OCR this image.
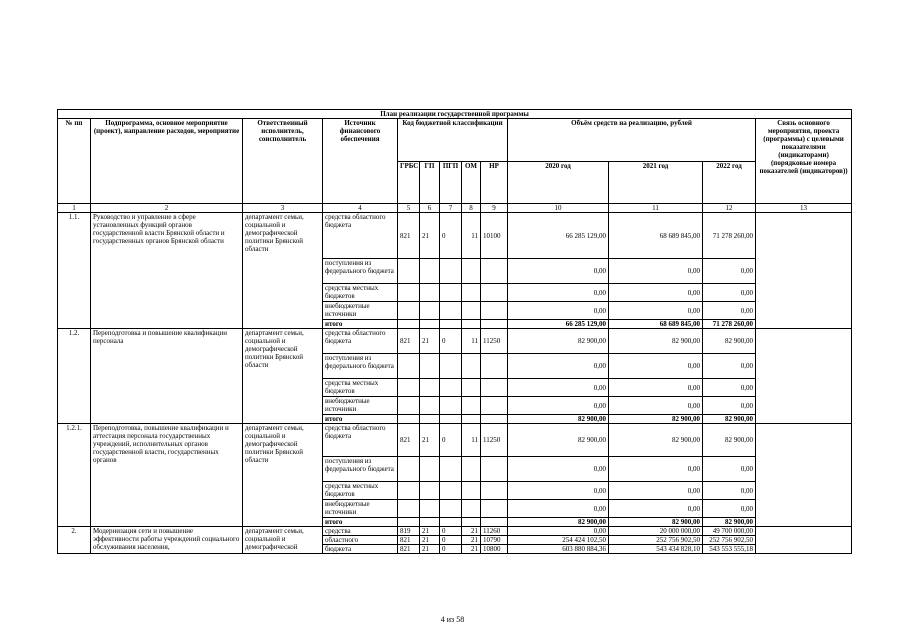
План реализации государственной программы												
№ пп	Подпрограмма, основное мероприятие (проект), направление расходов, мероприятие	Ответственный исполнитель, соисполнитель	Источник финансового обеспечения	Код бюджетной классификации					Объём средств на реализацию, рублей			Связь основного мероприятия, проекта (программы) с целевыми показателями (индикаторами) (порядковые номера показателей (индикаторов))
				ГРБС	ГП	ПГП	ОМ	НР	2020 год	2021 год	2022 год	
1	2	3	4	5	6	7	8	9	10	11	12	13
1.1.	Руководство и управление в сфере установленных функций органов государственной власти Брянской области и государственных органов Брянской области	департамент семьи, социальной и демографической политики Брянской области	средства областного бюджета	821	21	0	11	10100	66 285 129,00	68 689 845,00	71 278 260,00	
			поступления из федерального бюджета						0,00	0,00	0,00	
			средства местных бюджетов						0,00	0,00	0,00	
			внебюджетные источники						0,00	0,00	0,00	
			итого						66 285 129,00	68 689 845,00	71 278 260,00	
1.2.	Переподготовка и повышение квалификации персонала	департамент семьи, социальной и демографической политики Брянской области	средства областного бюджета	821	21	0	11	11250	82 900,00	82 900,00	82 900,00	
			поступления из федерального бюджета						0,00	0,00	0,00	
			средства местных бюджетов						0,00	0,00	0,00	
			внебюджетные источники						0,00	0,00	0,00	
			итого						82 900,00	82 900,00	82 900,00	
1.2.1.	Переподготовка, повышение квалификации и аттестация персонала государственных учреждений, исполнительных органов государственной власти, государственных органов	департамент семьи, социальной и демографической политики Брянской области	средства областного бюджета	821	21	0	11	11250	82 900,00	82 900,00	82 900,00	
			поступления из федерального бюджета						0,00	0,00	0,00	
			средства местных бюджетов						0,00	0,00	0,00	
			внебюджетные источники						0,00	0,00	0,00	
			итого						82 900,00	82 900,00	82 900,00	
2.	Модернизация сети и повышение эффективности работы учреждений социального обслуживания населения,	департамент семьи, социальной и демографической	средства	819	21	0	21	11260	0,00	20 000 000,00	49 700 000,00	
			областного	821	21	0	21	10790	254 424 102,50	252 756 902,50	252 756 902,50	
			бюджета	821	21	0	21	10800	603 880 884,36	543 434 828,10	543 553 555,18	
4 из 58
